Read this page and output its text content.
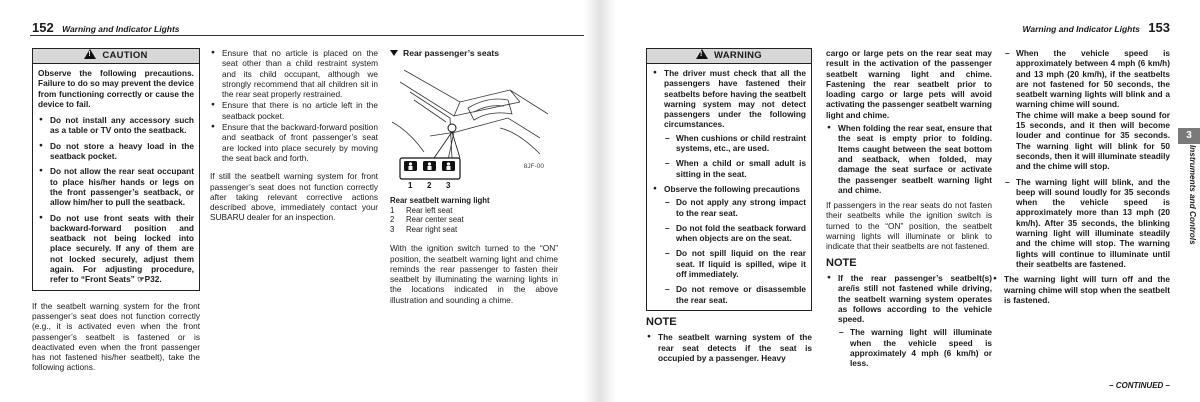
152 Warning and Indicator Lights
! CAUTION

Observe the following precautions. Failure to do so may prevent the device from functioning correctly or cause the device to fail.

● Do not install any accessory such as a table or TV onto the seatback.
● Do not store a heavy load in the seatback pocket.
● Do not allow the rear seat occupant to place his/her hands or legs on the front passenger’s seatback, or allow him/her to pull the seatback.
● Do not use front seats with their backward-forward position and seatback not being locked into place securely. If any of them are not locked securely, adjust them again. For adjusting procedure, refer to “Front Seats” ☞P32.

If the seatbelt warning system for the front passenger’s seat does not function correctly (e.g., it is activated even when the front passenger’s seatbelt is fastened or is deactivated even when the front passenger has not fastened his/her seatbelt), take the following actions.

● Ensure that no article is placed on the seat other than a child restraint system and its child occupant, although we strongly recommend that all children sit in the rear seat properly restrained.
● Ensure that there is no article left in the seatback pocket.
● Ensure that the backward-forward position and seatback of front passenger’s seat are locked into place securely by moving the seat back and forth.

If still the seatbelt warning system for front passenger’s seat does not function correctly after taking relevant corrective actions described above, immediately contact your SUBARU dealer for an inspection.

Rear passenger’s seats
1 2 3
8JF-00
Rear seatbelt warning light
1 Rear left seat
2 Rear center seat
3 Rear right seat

With the ignition switch turned to the “ON” position, the seatbelt warning light and chime reminds the rear passenger to fasten their seatbelt by illuminating the warning lights in the locations indicated in the above illustration and sounding a chime.

Warning and Indicator Lights 153
! WARNING
● The driver must check that all the passengers have fastened their seatbelts before having the seatbelt warning system may not detect passengers under the following circumstances.
– When cushions or child restraint systems, etc., are used.
– When a child or small adult is sitting in the seat.
● Observe the following precautions
– Do not apply any strong impact to the rear seat.
– Do not fold the seatback forward when objects are on the seat.
– Do not spill liquid on the rear seat. If liquid is spilled, wipe it off immediately.
– Do not remove or disassemble the rear seat.
NOTE
● The seatbelt warning system of the rear seat detects if the seat is occupied by a passenger. Heavy

cargo or large pets on the rear seat may result in the activation of the passenger seatbelt warning light and chime. Fastening the rear seatbelt prior to loading cargo or large pets will avoid activating the passenger seatbelt warning light and chime.

● When folding the rear seat, ensure that the seat is empty prior to folding. Items caught between the seat bottom and seatback, when folded, may damage the seat surface or activate the passenger seatbelt warning light and chime.

If passengers in the rear seats do not fasten their seatbelts while the ignition switch is turned to the “ON” position, the seatbelt warning lights will illuminate or blink to indicate that their seatbelts are not fastened.

NOTE
● If the rear passenger’s seatbelt(s) are/is still not fastened while driving, the seatbelt warning system operates as follows according to the vehicle speed.
– The warning light will illuminate when the vehicle speed is approximately 4 mph (6 km/h) or less.
– When the vehicle speed is approximately between 4 mph (6 km/h) and 13 mph (20 km/h), if the seatbelts are not fastened for 50 seconds, the seatbelt warning lights will blink and a warning chime will sound.
The chime will make a beep sound for 15 seconds, and it then will become louder and continue for 35 seconds. The warning light will blink for 50 seconds, then it will illuminate steadily and the chime will stop.
– The warning light will blink, and the beep will sound loudly for 35 seconds when the vehicle speed is approximately more than 13 mph (20 km/h). After 35 seconds, the blinking warning light will illuminate steadily and the chime will stop. The warning lights will continue to illuminate until their seatbelts are fastened.
● The warning light will turn off and the warning chime will stop when the seatbelt is fastened.
3
Instruments and Controls
– CONTINUED –
